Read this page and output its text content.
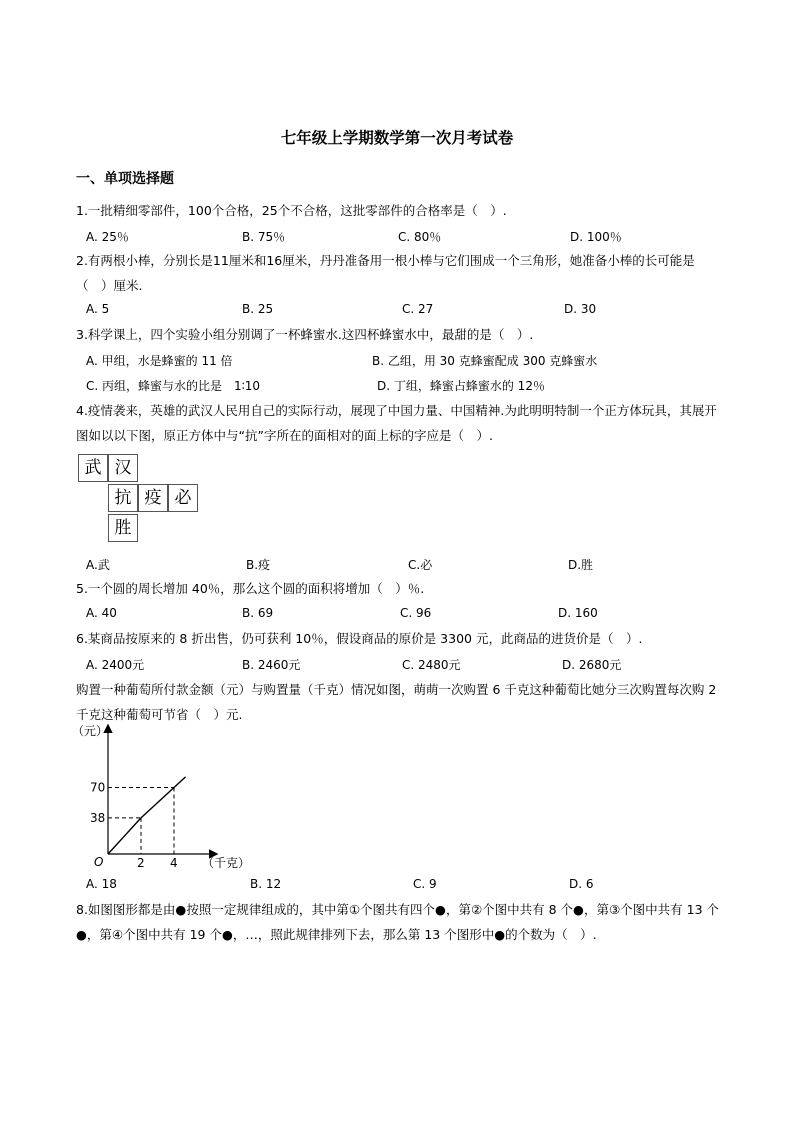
七年级上学期数学第一次月考试卷
一、单项选择题
1.一批精细零部件，100个合格，25个不合格，这批零部件的合格率是（　）.
A. 25％	B. 75％	C. 80％	D. 100％
2.有两根小棒，分别长是11厘米和16厘米，丹丹准备用一根小棒与它们围成一个三角形，她准备小棒的长可能是（　）厘米.
A. 5	B. 25	C. 27	D. 30
3.科学课上，四个实验小组分别调了一杯蜂蜜水.这四杯蜂蜜水中，最甜的是（　）.
A. 甲组，水是蜂蜜的 11 倍	B. 乙组，用 30 克蜂蜜配成 300 克蜂蜜水
C. 丙组，蜂蜜与水的比是　1∶10	D. 丁组，蜂蜜占蜂蜜水的 12％
4.疫情袭来，英雄的武汉人民用自己的实际行动，展现了中国力量、中国精神.为此明明特制一个正方体玩具，其展开图如以以下图，原正方体中与“抗”字所在的面相对的面上标的字应是（　）.
武 汉
抗 疫 必
胜
A.武	B.疫	C.必	D.胜
5.一个圆的周长增加 40％，那么这个圆的面积将增加（　）％.
A. 40	B. 69	C. 96	D. 160
6.某商品按原来的 8 折出售，仍可获利 10％，假设商品的原价是 3300 元，此商品的进货价是（　）.
A. 2400元	B. 2460元	C. 2480元	D. 2680元
购置一种葡萄所付款金额（元）与购置量（千克）情况如图，萌萌一次购置 6 千克这种葡萄比她分三次购置每次购 2 千克这种葡萄可节省（　）元.
（元）
（千克）
O
38
2
70
4
A. 18	B. 12	C. 9	D. 6
8.如图图形都是由●按照一定规律组成的，其中第①个图共有四个●，第②个图中共有 8 个●，第③个图中共有 13 个●，第④个图中共有 19 个●，…，照此规律排列下去，那么第 13 个图形中●的个数为（　）.
